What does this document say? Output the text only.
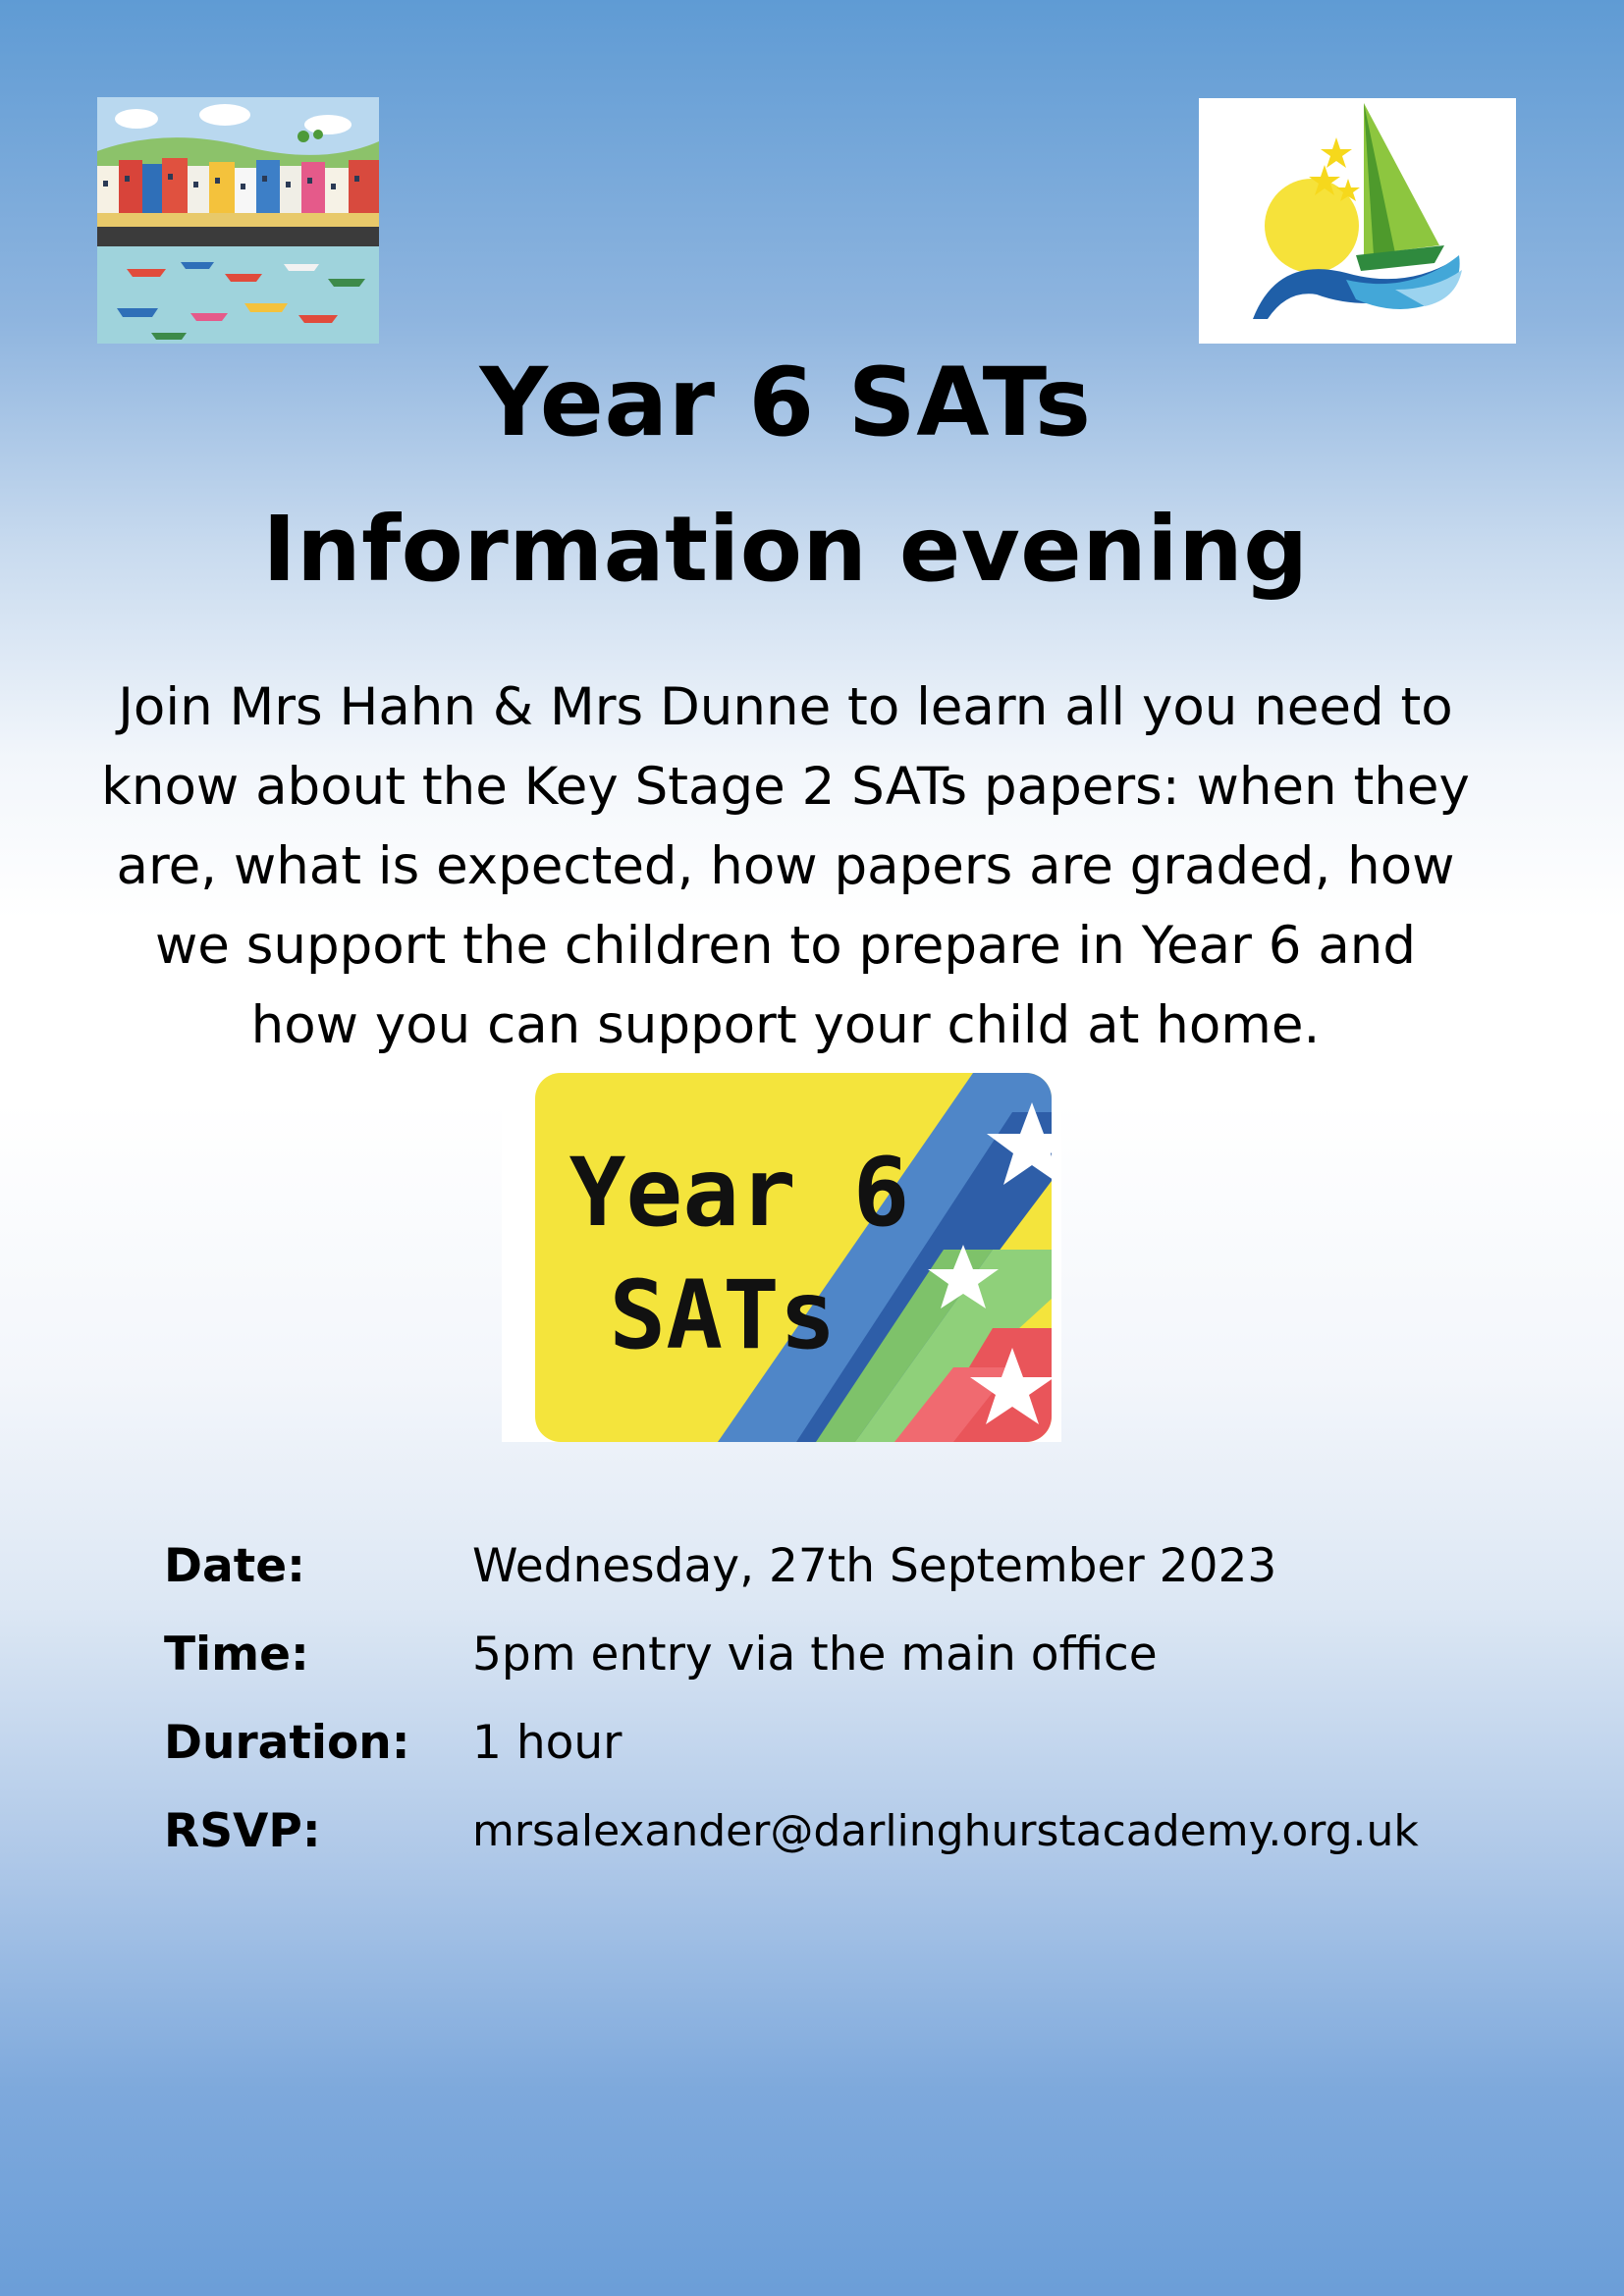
Year 6 SATs
Information evening
Join Mrs Hahn & Mrs Dunne to learn all you need to know about the Key Stage 2 SATs papers: when they are, what is expected, how papers are graded, how we support the children to prepare in Year 6 and how you can support your child at home.
Year 6
SATs
Date:	Wednesday, 27th September 2023
Time:	5pm entry via the main office
Duration: 1 hour
RSVP:	mrsalexander@darlinghurstacademy.org.uk
